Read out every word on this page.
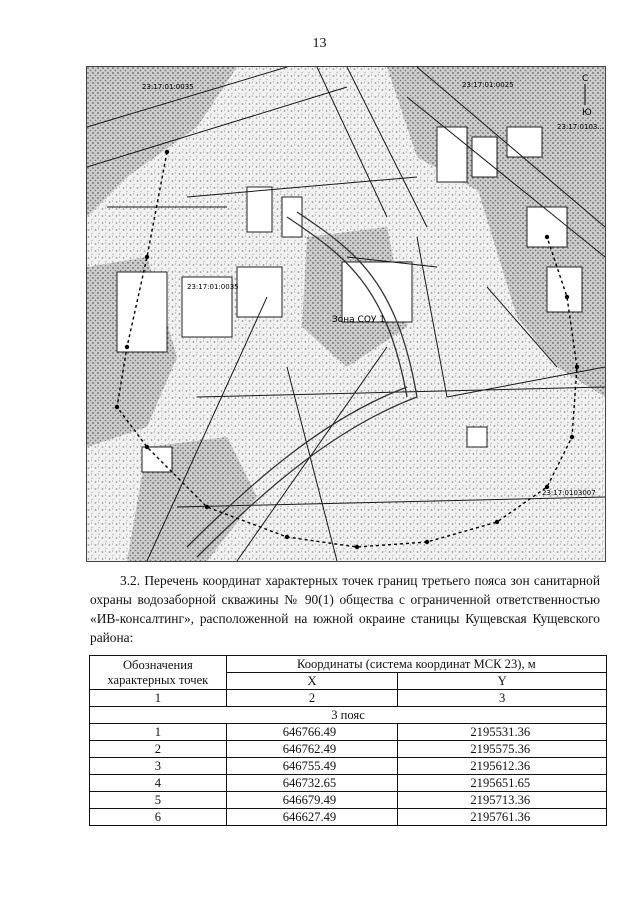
13
23:17:01:0035	23:17:01:0025
23:17:0103...
23:17:01:0035
23:17:0103007
Зона СОУ 1
С
Ю
3.2. Перечень координат характерных точек границ третьего пояса зон санитарной охраны водозаборной скважины № 90(1) общества с ограниченной ответственностью «ИВ-консалтинг», расположенной на южной окраине станицы Кущевская Кущевского района:
Обозначения характерных точек	Координаты (система координат МСК 23), м	
	X	Y
1	2	3
3 пояс		
1	646766.49	2195531.36
2	646762.49	2195575.36
3	646755.49	2195612.36
4	646732.65	2195651.65
5	646679.49	2195713.36
6	646627.49	2195761.36
